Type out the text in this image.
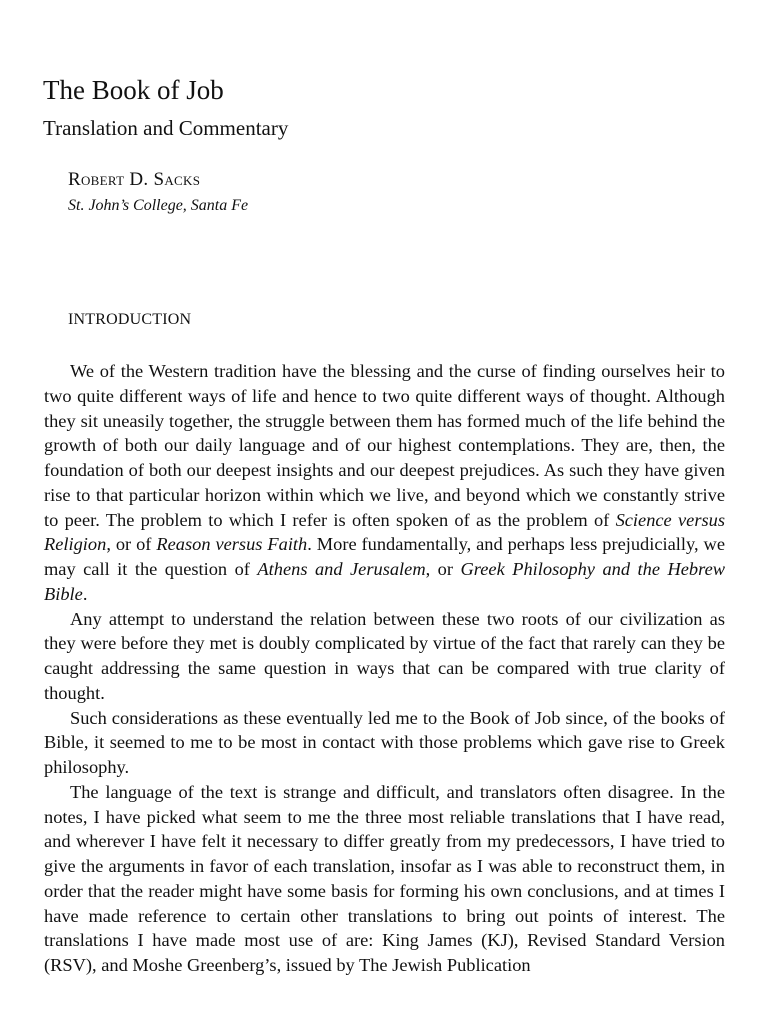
The Book of Job
Translation and Commentary
Robert D. Sacks
St. John’s College, Santa Fe
INTRODUCTION

We of the Western tradition have the blessing and the curse of finding ourselves heir to two quite different ways of life and hence to two quite different ways of thought. Although they sit uneasily together, the struggle between them has formed much of the life behind the growth of both our daily language and of our highest contemplations. They are, then, the foundation of both our deepest insights and our deepest prejudices. As such they have given rise to that particular horizon within which we live, and beyond which we constantly strive to peer. The problem to which I refer is often spoken of as the problem of Science versus Religion, or of Reason versus Faith. More fundamentally, and perhaps less prejudicially, we may call it the question of Athens and Jerusalem, or Greek Philosophy and the Hebrew Bible.

Any attempt to understand the relation between these two roots of our civilization as they were before they met is doubly complicated by virtue of the fact that rarely can they be caught addressing the same question in ways that can be compared with true clarity of thought.

Such considerations as these eventually led me to the Book of Job since, of the books of Bible, it seemed to me to be most in contact with those problems which gave rise to Greek philosophy.

The language of the text is strange and difficult, and translators often disagree. In the notes, I have picked what seem to me the three most reliable translations that I have read, and wherever I have felt it necessary to differ greatly from my predecessors, I have tried to give the arguments in favor of each translation, insofar as I was able to reconstruct them, in order that the reader might have some basis for forming his own conclusions, and at times I have made reference to certain other translations to bring out points of interest. The translations I have made most use of are: King James (KJ), Revised Standard Version (RSV), and Moshe Greenberg’s, issued by The Jewish Publication
